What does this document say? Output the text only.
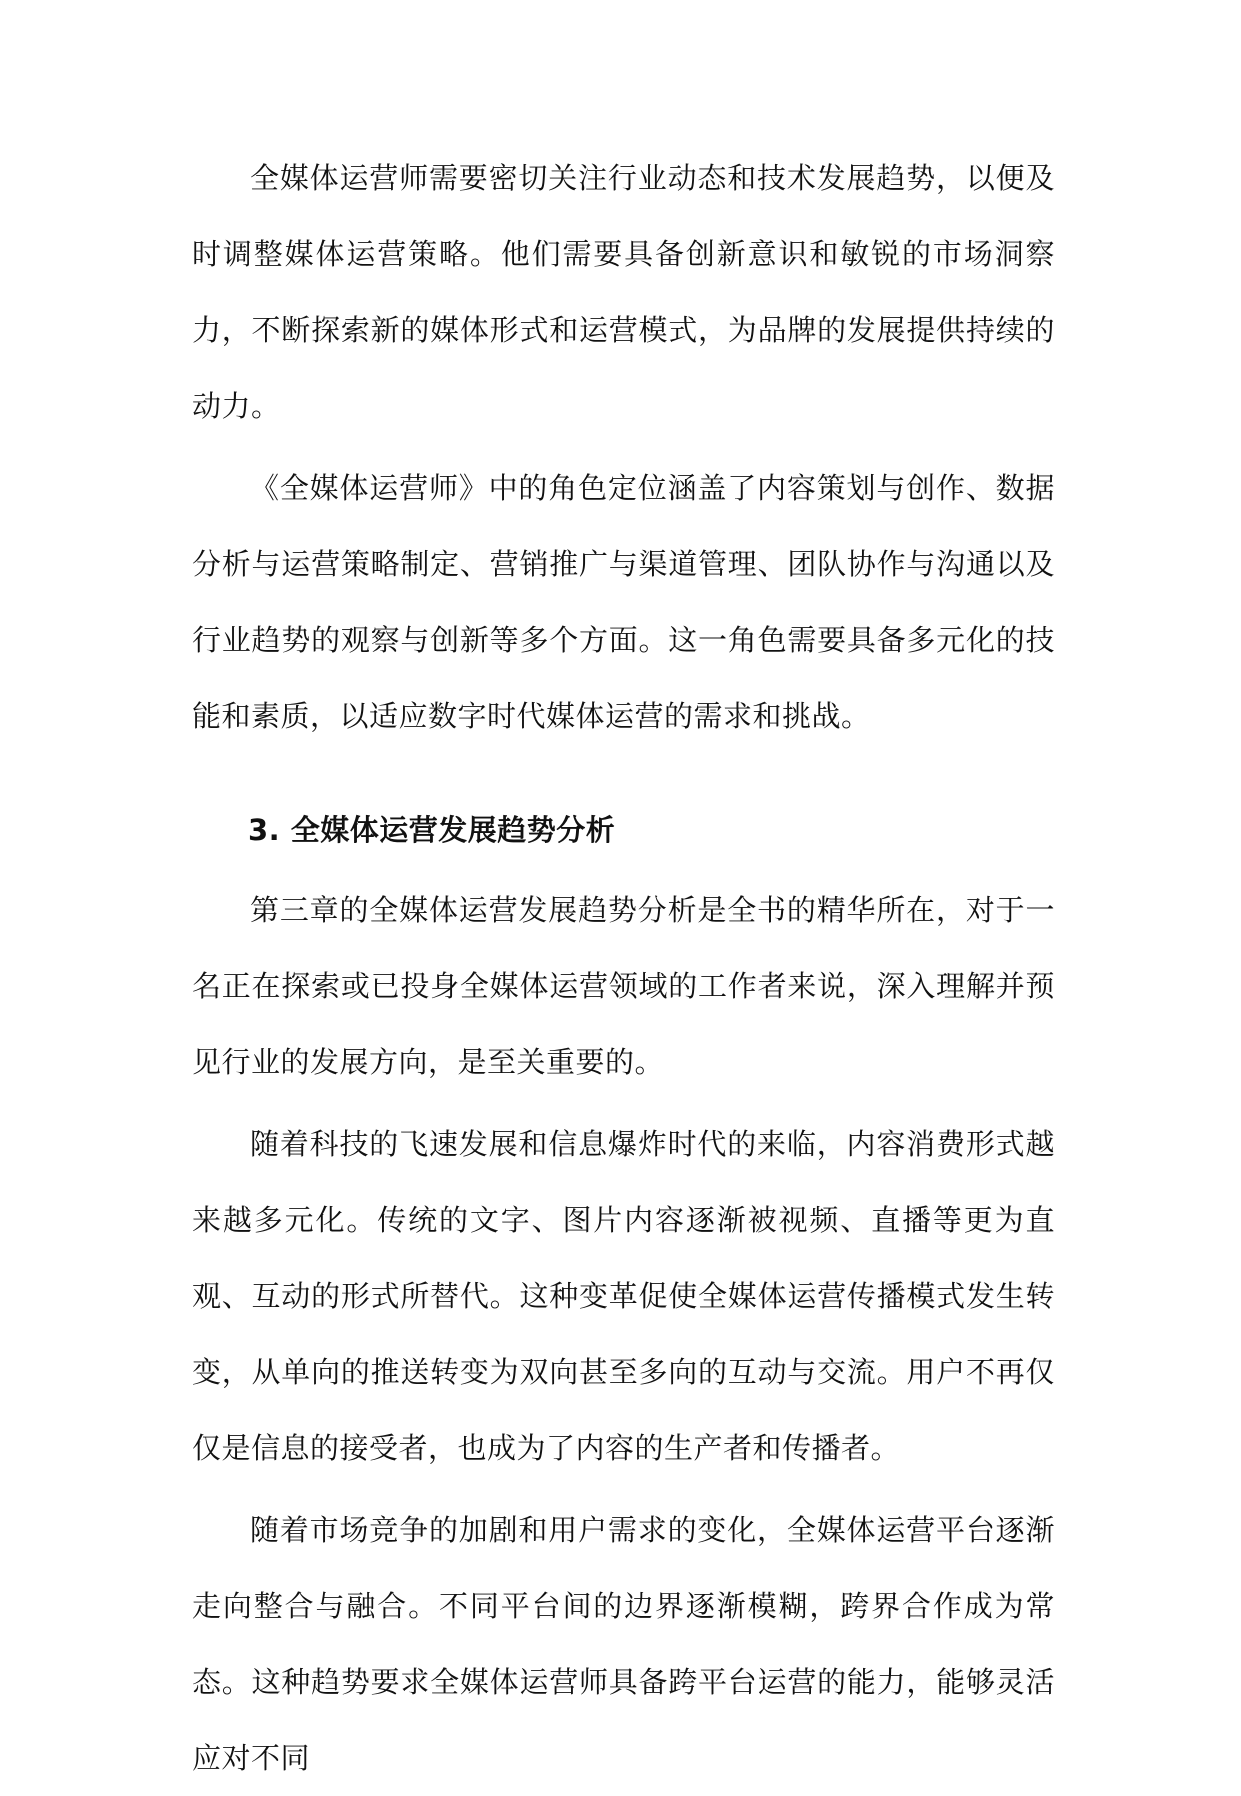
全媒体运营师需要密切关注行业动态和技术发展趋势，以便及时调整媒体运营策略。他们需要具备创新意识和敏锐的市场洞察力，不断探索新的媒体形式和运营模式，为品牌的发展提供持续的动力。

《全媒体运营师》中的角色定位涵盖了内容策划与创作、数据分析与运营策略制定、营销推广与渠道管理、团队协作与沟通以及行业趋势的观察与创新等多个方面。这一角色需要具备多元化的技能和素质，以适应数字时代媒体运营的需求和挑战。

3. 全媒体运营发展趋势分析

第三章的全媒体运营发展趋势分析是全书的精华所在，对于一名正在探索或已投身全媒体运营领域的工作者来说，深入理解并预见行业的发展方向，是至关重要的。

随着科技的飞速发展和信息爆炸时代的来临，内容消费形式越来越多元化。传统的文字、图片内容逐渐被视频、直播等更为直观、互动的形式所替代。这种变革促使全媒体运营传播模式发生转变，从单向的推送转变为双向甚至多向的互动与交流。用户不再仅仅是信息的接受者，也成为了内容的生产者和传播者。

随着市场竞争的加剧和用户需求的变化，全媒体运营平台逐渐走向整合与融合。不同平台间的边界逐渐模糊，跨界合作成为常态。这种趋势要求全媒体运营师具备跨平台运营的能力，能够灵活应对不同
